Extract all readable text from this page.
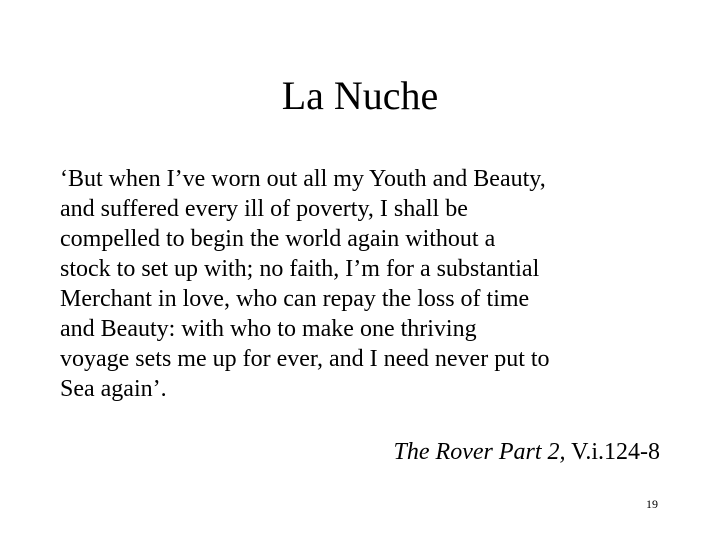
La Nuche

‘But when I’ve worn out all my Youth and Beauty,
and suffered every ill of poverty, I shall be
compelled to begin the world again without a
stock to set up with; no faith, I’m for a substantial
Merchant in love, who can repay the loss of time
and Beauty: with who to make one thriving
voyage sets me up for ever, and I need never put to
Sea again’.

The Rover Part 2, V.i.124-8
19
